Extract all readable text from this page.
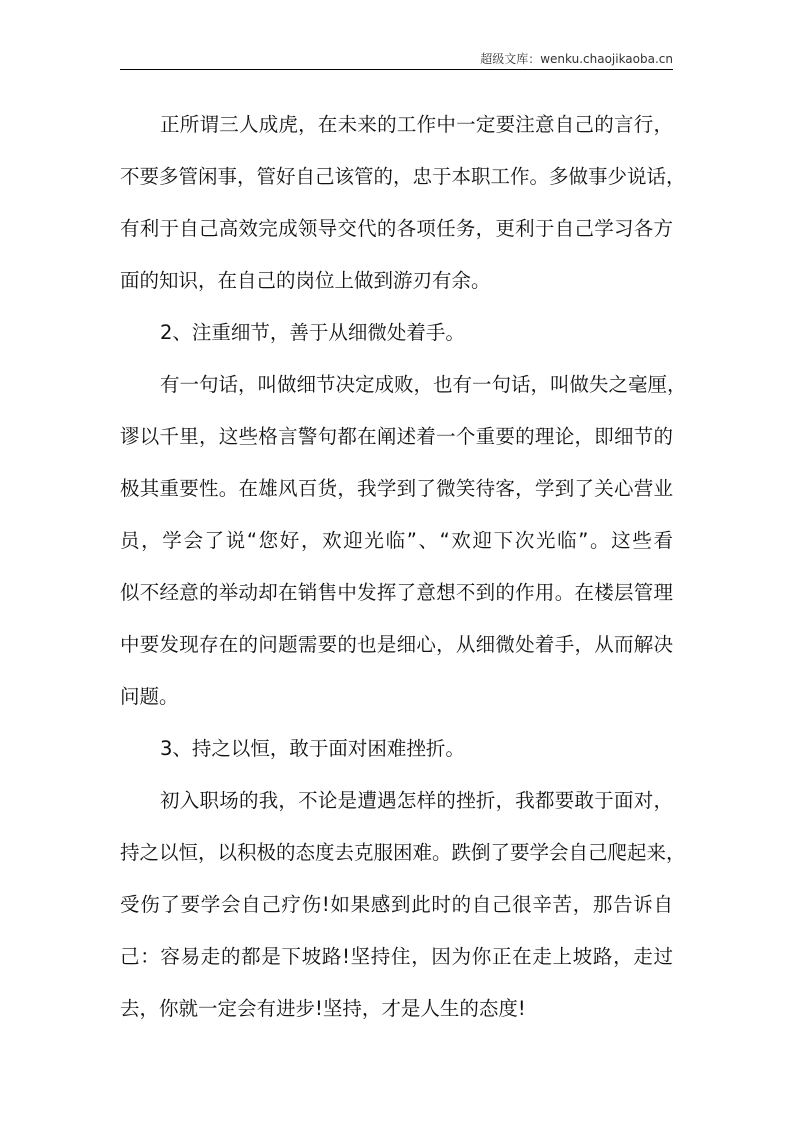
超级文库：wenku.chaojikaoba.cn
正所谓三人成虎，在未来的工作中一定要注意自己的言行，
不要多管闲事，管好自己该管的，忠于本职工作。多做事少说话，
有利于自己高效完成领导交代的各项任务，更利于自己学习各方
面的知识，在自己的岗位上做到游刃有余。
2、注重细节，善于从细微处着手。
有一句话，叫做细节决定成败，也有一句话，叫做失之毫厘，
谬以千里，这些格言警句都在阐述着一个重要的理论，即细节的
极其重要性。在雄风百货，我学到了微笑待客，学到了关心营业
员，学会了说“您好，欢迎光临”、“欢迎下次光临”。这些看
似不经意的举动却在销售中发挥了意想不到的作用。在楼层管理
中要发现存在的问题需要的也是细心，从细微处着手，从而解决
问题。
3、持之以恒，敢于面对困难挫折。
初入职场的我，不论是遭遇怎样的挫折，我都要敢于面对，
持之以恒，以积极的态度去克服困难。跌倒了要学会自己爬起来，
受伤了要学会自己疗伤!如果感到此时的自己很辛苦，那告诉自
己：容易走的都是下坡路!坚持住，因为你正在走上坡路，走过
去，你就一定会有进步!坚持，才是人生的态度!
